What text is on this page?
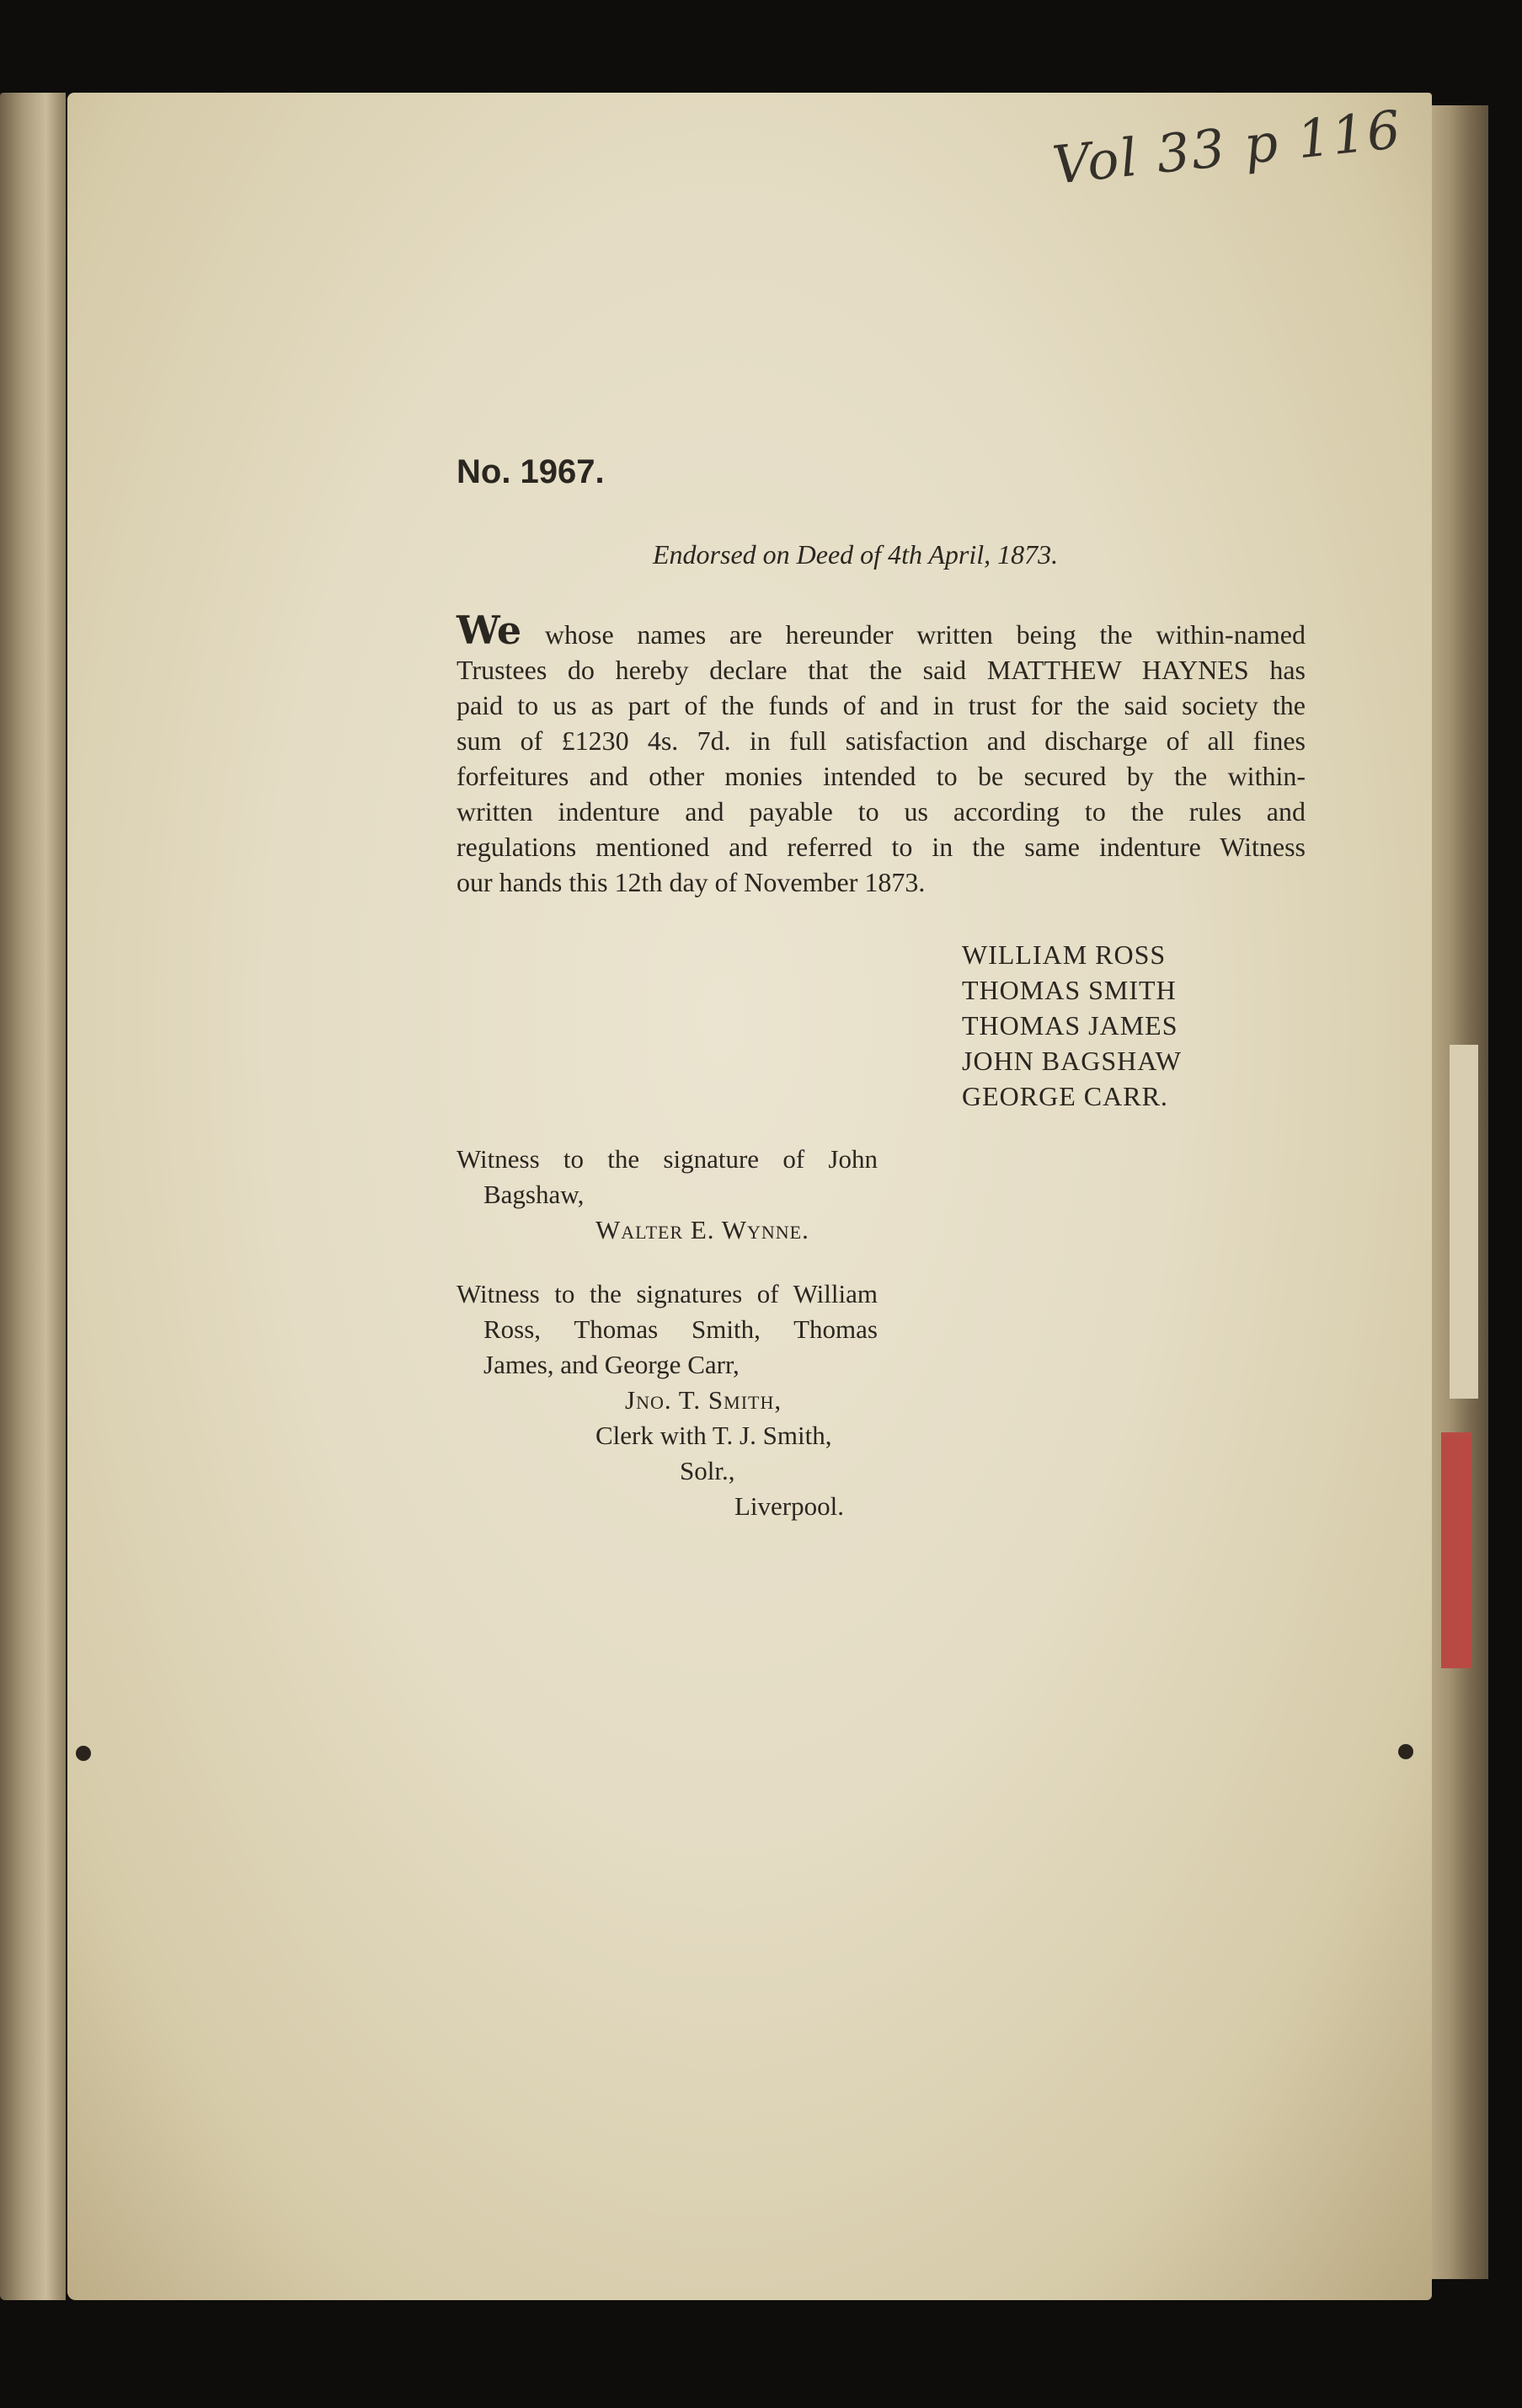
Vol 33 p 116
No. 1967.
Endorsed on Deed of 4th April, 1873.
We whose names are hereunder written being the within-named
Trustees do hereby declare that the said MATTHEW HAYNES has
paid to us as part of the funds of and in trust for the said society the
sum of £1230 4s. 7d. in full satisfaction and discharge of all fines
forfeitures and other monies intended to be secured by the within-
written indenture and payable to us according to the rules and
regulations mentioned and referred to in the same indenture Witness
our hands this 12th day of November 1873.
WILLIAM ROSS
THOMAS SMITH
THOMAS JAMES
JOHN BAGSHAW
GEORGE CARR.
Witness to the signature of John
Bagshaw,
Walter E. Wynne.
Witness to the signatures of William
Ross, Thomas Smith, Thomas
James, and George Carr,
Jno. T. Smith,
Clerk with T. J. Smith,
Solr.,
Liverpool.
